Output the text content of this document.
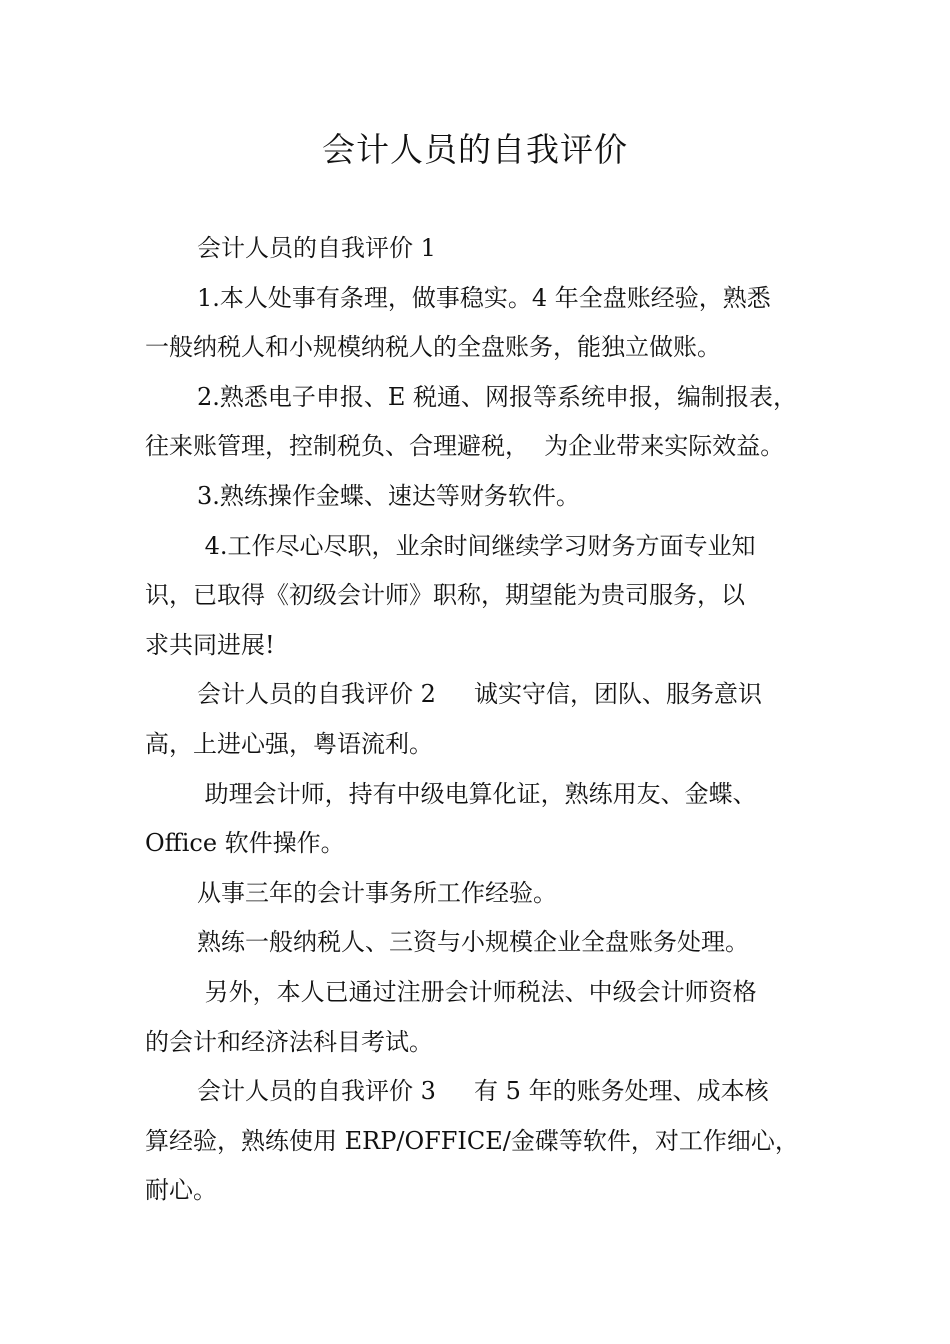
会计人员的自我评价
会计人员的自我评价 1
1.本人处事有条理，做事稳实。4 年全盘账经验，熟悉
一般纳税人和小规模纳税人的全盘账务，能独立做账。
2.熟悉电子申报、E 税通、网报等系统申报，编制报表，
往来账管理，控制税负、合理避税，  为企业带来实际效益。
3.熟练操作金蝶、速达等财务软件。
4.工作尽心尽职，业余时间继续学习财务方面专业知
识，已取得《初级会计师》职称，期望能为贵司服务，以
求共同进展!
会计人员的自我评价 2     诚实守信，团队、服务意识
高，上进心强，粤语流利。
助理会计师，持有中级电算化证，熟练用友、金蝶、
Office 软件操作。
从事三年的会计事务所工作经验。
熟练一般纳税人、三资与小规模企业全盘账务处理。
另外，本人已通过注册会计师税法、中级会计师资格
的会计和经济法科目考试。
会计人员的自我评价 3     有 5 年的账务处理、成本核
算经验，熟练使用 ERP/OFFICE/金碟等软件，对工作细心，
耐心。
